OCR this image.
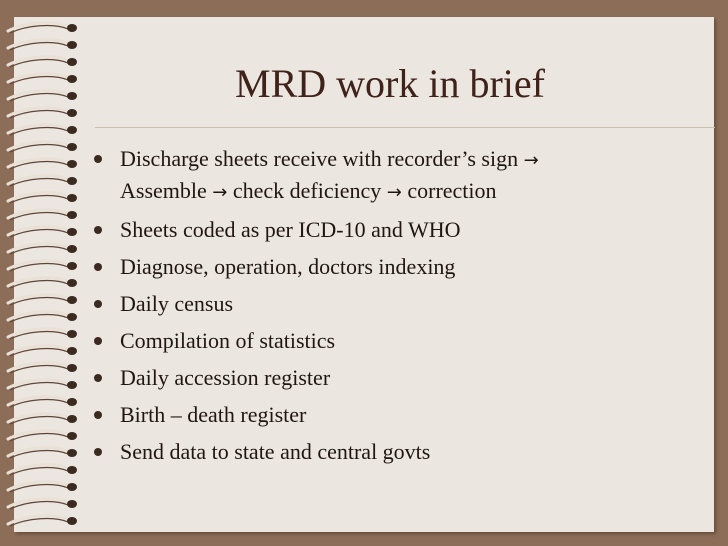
MRD work in brief
Discharge sheets receive with recorder’s sign →
Assemble → check deficiency → correction
Sheets coded as per ICD-10 and WHO
Diagnose, operation, doctors indexing
Daily census
Compilation of statistics
Daily accession register
Birth – death register
Send data to state and central govts
